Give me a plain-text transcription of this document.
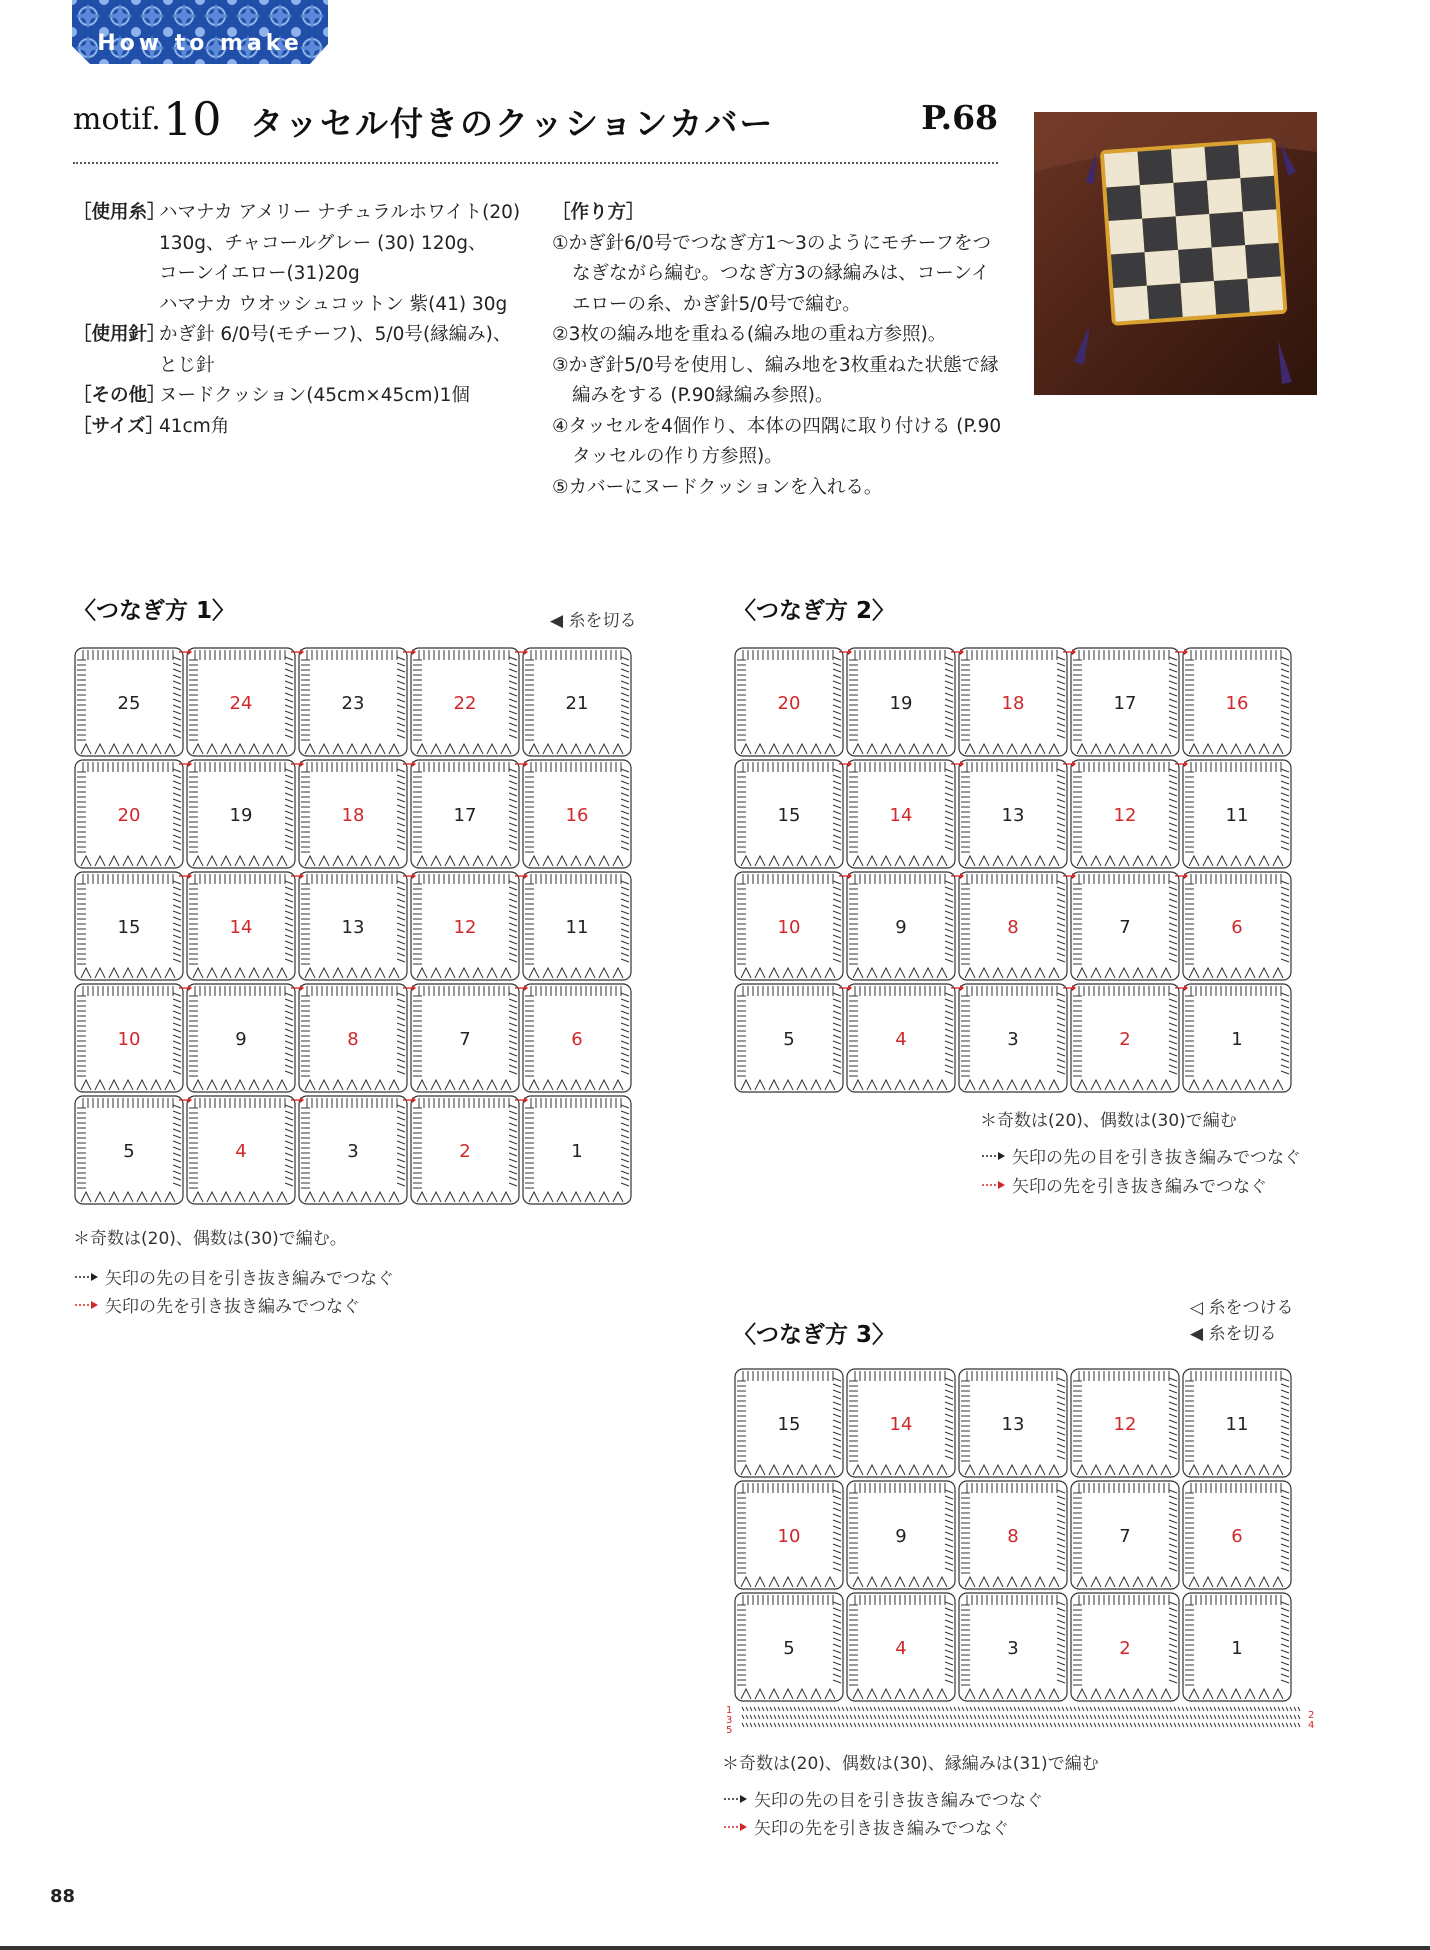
How to make
motif. 10 タッセル付きのクッションカバー	P.68
［使用糸］
ハマナカ アメリー ナチュラルホワイト(20)
130g、チャコールグレー (30) 120g、
コーンイエロー(31)20g
ハマナカ ウオッシュコットン 紫(41) 30g
［使用針］
かぎ針 6/0号(モチーフ)、5/0号(縁編み)、
とじ針
［その他］
ヌードクッション(45cm×45cm)1個
［サイズ］
41cm角
［作り方］
①かぎ針6/0号でつなぎ方1〜3のようにモチーフをつなぎながら編む。つなぎ方3の縁編みは、コーンイエローの糸、かぎ針5/0号で編む。
②3枚の編み地を重ねる(編み地の重ね方参照)。
③かぎ針5/0号を使用し、編み地を3枚重ねた状態で縁編みをする (P.90縁編み参照)。
④タッセルを4個作り、本体の四隅に取り付ける (P.90タッセルの作り方参照)。
⑤カバーにヌードクッションを入れる。
〈つなぎ方 1〉	◀ 糸を切る
25	24	23	22	21
20	19	18	17	16
15	14	13	12	11
10	9	8	7	6
5	4	3	2	1
＊奇数は(20)、偶数は(30)で編む。
矢印の先の目を引き抜き編みでつなぐ
矢印の先を引き抜き編みでつなぐ
〈つなぎ方 2〉
20	19	18	17	16
15	14	13	12	11
10	9	8	7	6
5	4	3	2	1
＊奇数は(20)、偶数は(30)で編む
矢印の先の目を引き抜き編みでつなぐ
矢印の先を引き抜き編みでつなぐ
◁ 糸をつける
◀ 糸を切る
〈つなぎ方 3〉
15	14	13	12	11
10	9	8	7	6
5	4	3	2	1
1
3
5
2
4
＊奇数は(20)、偶数は(30)、縁編みは(31)で編む
矢印の先の目を引き抜き編みでつなぐ
矢印の先を引き抜き編みでつなぐ
88
